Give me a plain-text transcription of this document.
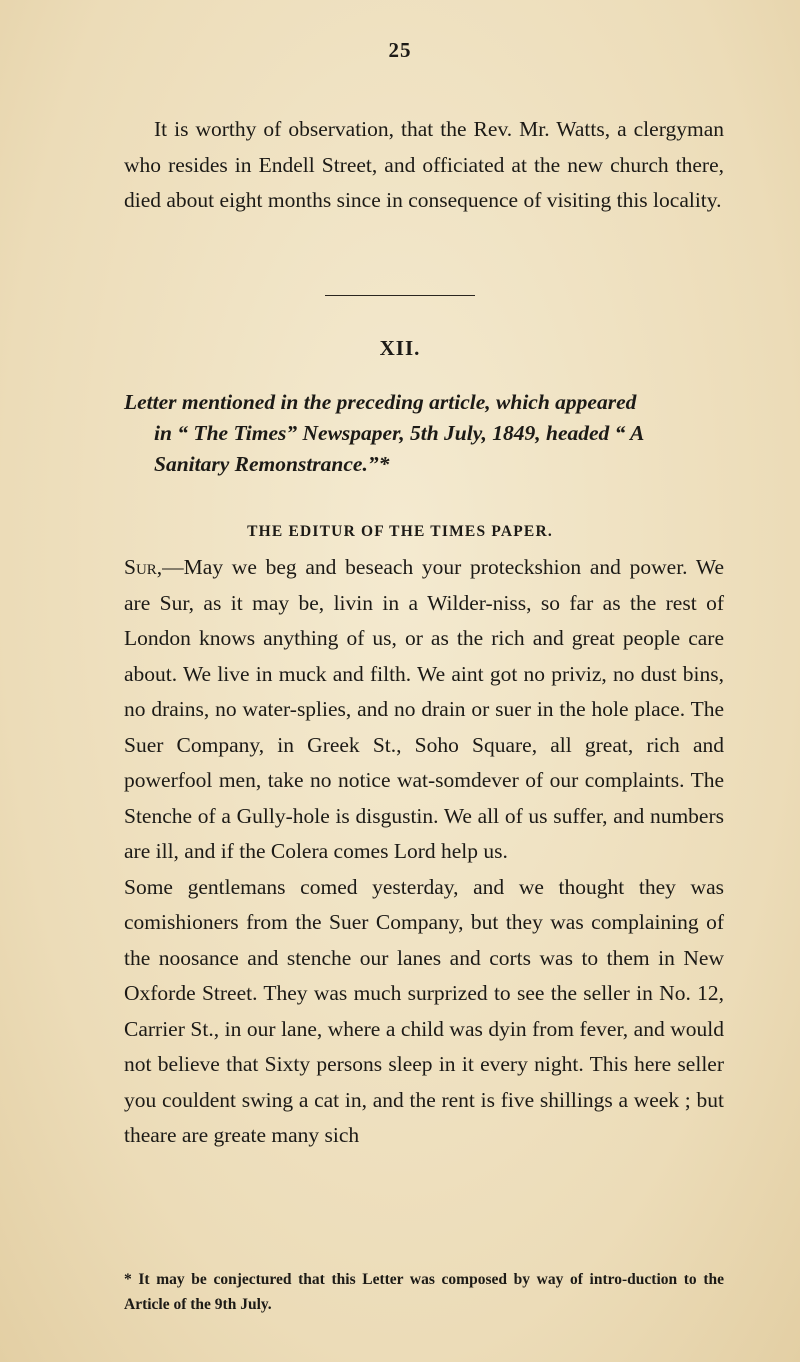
25
It is worthy of observation, that the Rev. Mr. Watts, a clergyman who resides in Endell Street, and officiated at the new church there, died about eight months since in consequence of visiting this locality.
XII.
Letter mentioned in the preceding article, which appeared
in “ The Times” Newspaper, 5th July, 1849, headed “ A
Sanitary Remonstrance.”*
THE EDITUR OF THE TIMES PAPER.

Sur,—May we beg and beseach your proteckshion and power. We are Sur, as it may be, livin in a Wilder-niss, so far as the rest of London knows anything of us, or as the rich and great people care about. We live in muck and filth. We aint got no priviz, no dust bins, no drains, no water-splies, and no drain or suer in the hole place. The Suer Company, in Greek St., Soho Square, all great, rich and powerfool men, take no notice wat-somdever of our complaints. The Stenche of a Gully-hole is disgustin. We all of us suffer, and numbers are ill, and if the Colera comes Lord help us.

Some gentlemans comed yesterday, and we thought they was comishioners from the Suer Company, but they was complaining of the noosance and stenche our lanes and corts was to them in New Oxforde Street. They was much surprized to see the seller in No. 12, Carrier St., in our lane, where a child was dyin from fever, and would not believe that Sixty persons sleep in it every night. This here seller you couldent swing a cat in, and the rent is five shillings a week ; but theare are greate many sich

* It may be conjectured that this Letter was composed by way of intro-duction to the Article of the 9th July.
